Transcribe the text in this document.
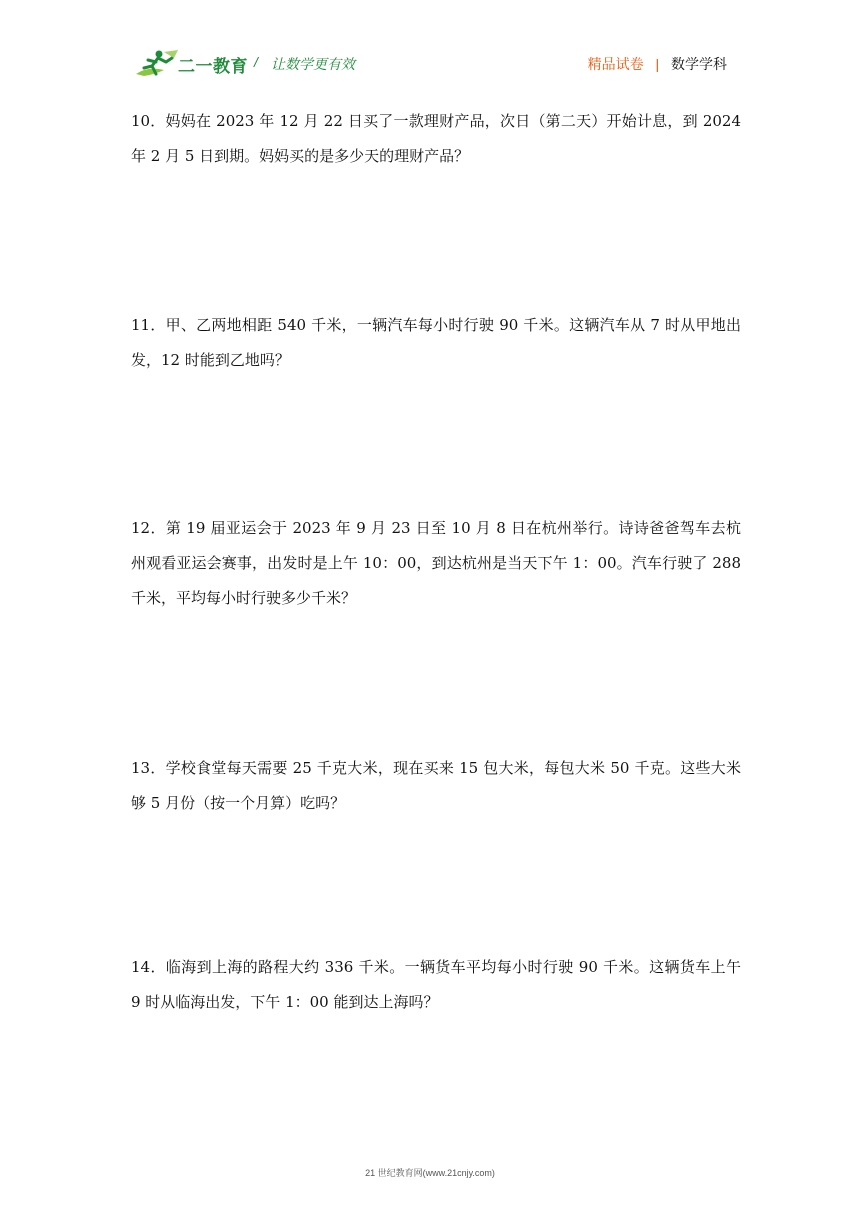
二一教育 / 让数学更有效	精品试卷 | 数学学科
10．妈妈在 2023 年 12 月 22 日买了一款理财产品，次日（第二天）开始计息，到 2024 年 2 月 5 日到期。妈妈买的是多少天的理财产品？
11．甲、乙两地相距 540 千米，一辆汽车每小时行驶 90 千米。这辆汽车从 7 时从甲地出发，12 时能到乙地吗？
12．第 19 届亚运会于 2023 年 9 月 23 日至 10 月 8 日在杭州举行。诗诗爸爸驾车去杭州观看亚运会赛事，出发时是上午 10：00，到达杭州是当天下午 1：00。汽车行驶了 288 千米，平均每小时行驶多少千米？
13．学校食堂每天需要 25 千克大米，现在买来 15 包大米，每包大米 50 千克。这些大米够 5 月份（按一个月算）吃吗？
14．临海到上海的路程大约 336 千米。一辆货车平均每小时行驶 90 千米。这辆货车上午 9 时从临海出发，下午 1：00 能到达上海吗？
21 世纪教育网(www.21cnjy.com)
